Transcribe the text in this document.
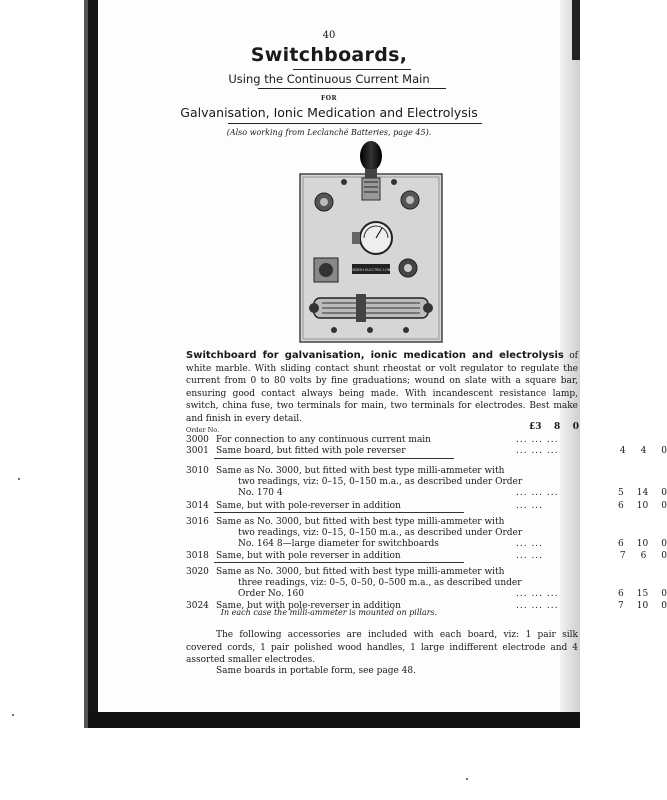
40
Switchboards,
Using the Continuous Current Main
FOR
Galvanisation, Ionic Medication and Electrolysis
(Also working from Leclanché Batteries, page 45).
CAVENDISH ELECTRIC LONDON
Switchboard for galvanisation, ionic medication and electrolysis of white marble. With sliding contact shunt rheostat or volt regulator to regulate the current from 0 to 80 volts by fine graduations; wound on slate with a square bar, ensuring good contact always being made. With incandescent resistance lamp, switch, china fuse, two terminals for main, two terminals for electrodes. Best make and finish in every detail.
Order No.	£3 8 0
3000 For connection to any continuous current main	... ... ...
3001 Same board, but fitted with pole reverser	... ... ...	4 4 0
3010 Same as No. 3000, but fitted with best type milli-ammeter with
two readings, viz: 0–15, 0–150 m.a., as described under Order
No. 170 4	... ... ...	5 14 0
3014 Same, but with pole-reverser in addition	... ...	6 10 0
3016 Same as No. 3000, but fitted with best type milli-ammeter with
two readings, viz: 0–15, 0–150 m.a., as described under Order
No. 164 8—large diameter for switchboards	... ...	6 10 0
3018 Same, but with pole reverser in addition	... ...	7 6 0
3020 Same as No. 3000, but fitted with best type milli-ammeter with
three readings, viz: 0–5, 0–50, 0–500 m.a., as described under
Order No. 160	... ... ...	6 15 0
3024 Same, but with pole-reverser in addition	... ... ...	7 10 0
In each case the milli-ammeter is mounted on pillars.
The following accessories are included with each board, viz: 1 pair silk covered cords, 1 pair polished wood handles, 1 large indifferent electrode and 4 assorted smaller electrodes.
Same boards in portable form, see page 48.
